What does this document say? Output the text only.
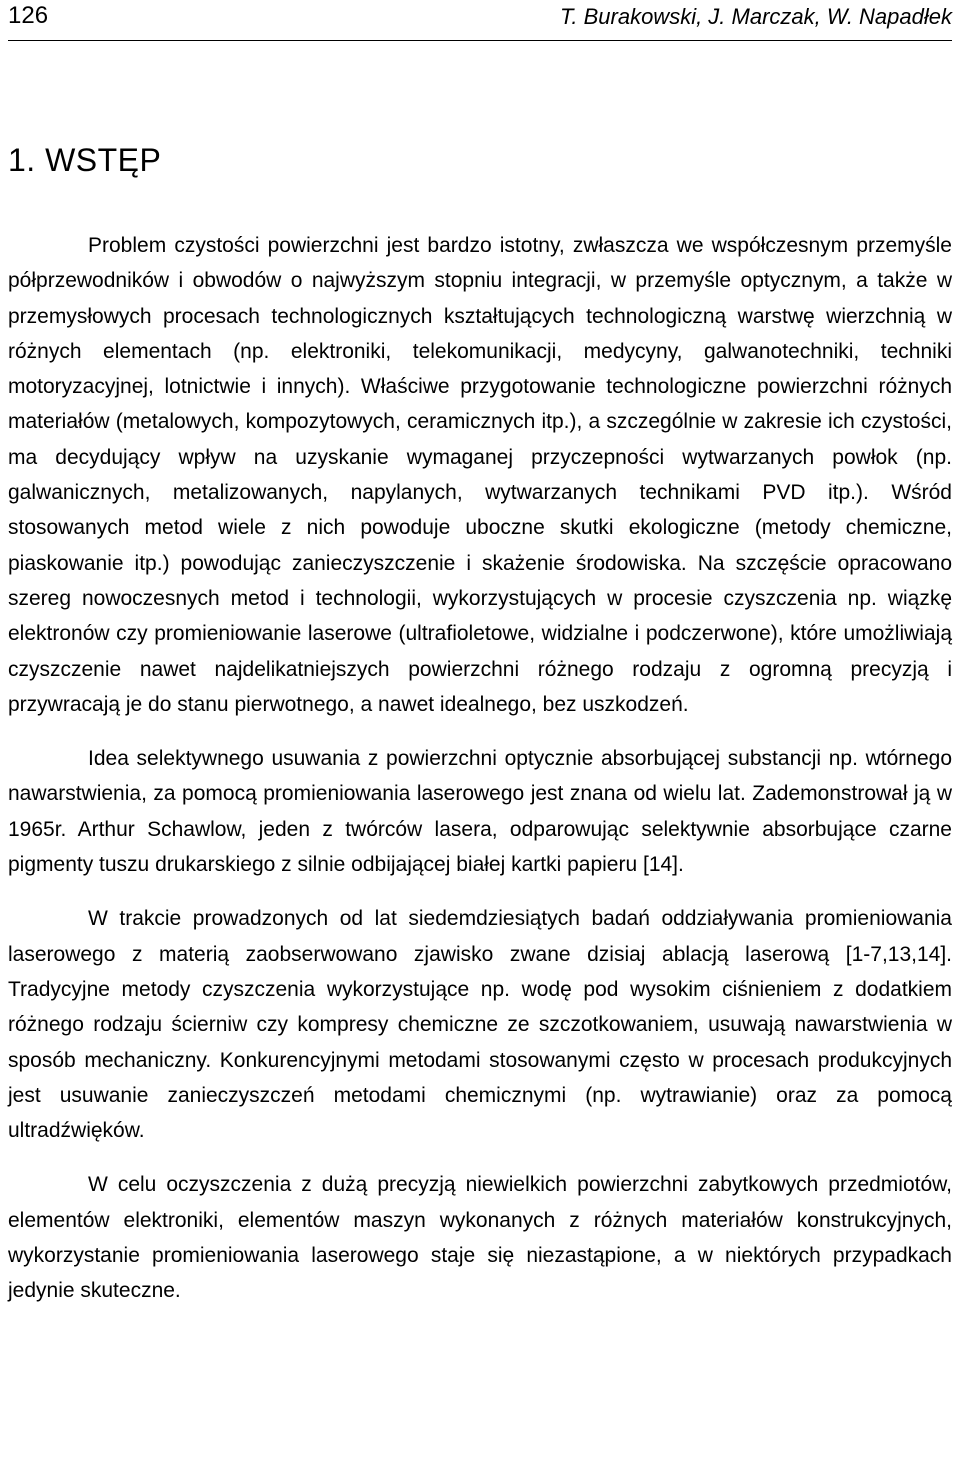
126	T. Burakowski, J. Marczak, W. Napadłek
1. WSTĘP

Problem czystości powierzchni jest bardzo istotny, zwłaszcza we współczesnym przemyśle półprzewodników i obwodów o najwyższym stopniu integracji, w przemyśle optycznym, a także w przemysłowych procesach technologicznych kształtujących technologiczną warstwę wierzchnią w różnych elementach (np. elektroniki, telekomunikacji, medycyny, galwanotechniki, techniki motoryzacyjnej, lotnictwie i innych). Właściwe przygotowanie technologiczne powierzchni różnych materiałów (metalowych, kompozytowych, ceramicznych itp.), a szczególnie w zakresie ich czystości, ma decydujący wpływ na uzyskanie wymaganej przyczepności wytwarzanych powłok (np. galwanicznych, metalizowanych, napylanych, wytwarzanych technikami PVD itp.). Wśród stosowanych metod wiele z nich powoduje uboczne skutki ekologiczne (metody chemiczne, piaskowanie itp.) powodując zanieczyszczenie i skażenie środowiska. Na szczęście opracowano szereg nowoczesnych metod i technologii, wykorzystujących w procesie czyszczenia np. wiązkę elektronów czy promieniowanie laserowe (ultrafioletowe, widzialne i podczerwone), które umożliwiają czyszczenie nawet najdelikatniejszych powierzchni różnego rodzaju z ogromną precyzją i przywracają je do stanu pierwotnego, a nawet idealnego, bez uszkodzeń.

Idea selektywnego usuwania z powierzchni optycznie absorbującej substancji np. wtórnego nawarstwienia, za pomocą promieniowania laserowego jest znana od wielu lat. Zademonstrował ją w 1965r. Arthur Schawlow, jeden z twórców lasera, odparowując selektywnie absorbujące czarne pigmenty tuszu drukarskiego z silnie odbijającej białej kartki papieru [14].

W trakcie prowadzonych od lat siedemdziesiątych badań oddziaływania promieniowania laserowego z materią zaobserwowano zjawisko zwane dzisiaj ablacją laserową [1-7,13,14]. Tradycyjne metody czyszczenia wykorzystujące np. wodę pod wysokim ciśnieniem z dodatkiem różnego rodzaju ścierniw czy kompresy chemiczne ze szczotkowaniem, usuwają nawarstwienia w sposób mechaniczny. Konkurencyjnymi metodami stosowanymi często w procesach produkcyjnych jest usuwanie zanieczyszczeń metodami chemicznymi (np. wytrawianie) oraz za pomocą ultradźwięków.

W celu oczyszczenia z dużą precyzją niewielkich powierzchni zabytkowych przedmiotów, elementów elektroniki, elementów maszyn wykonanych z różnych materiałów konstrukcyjnych, wykorzystanie promieniowania laserowego staje się niezastąpione, a w niektórych przypadkach jedynie skuteczne.
